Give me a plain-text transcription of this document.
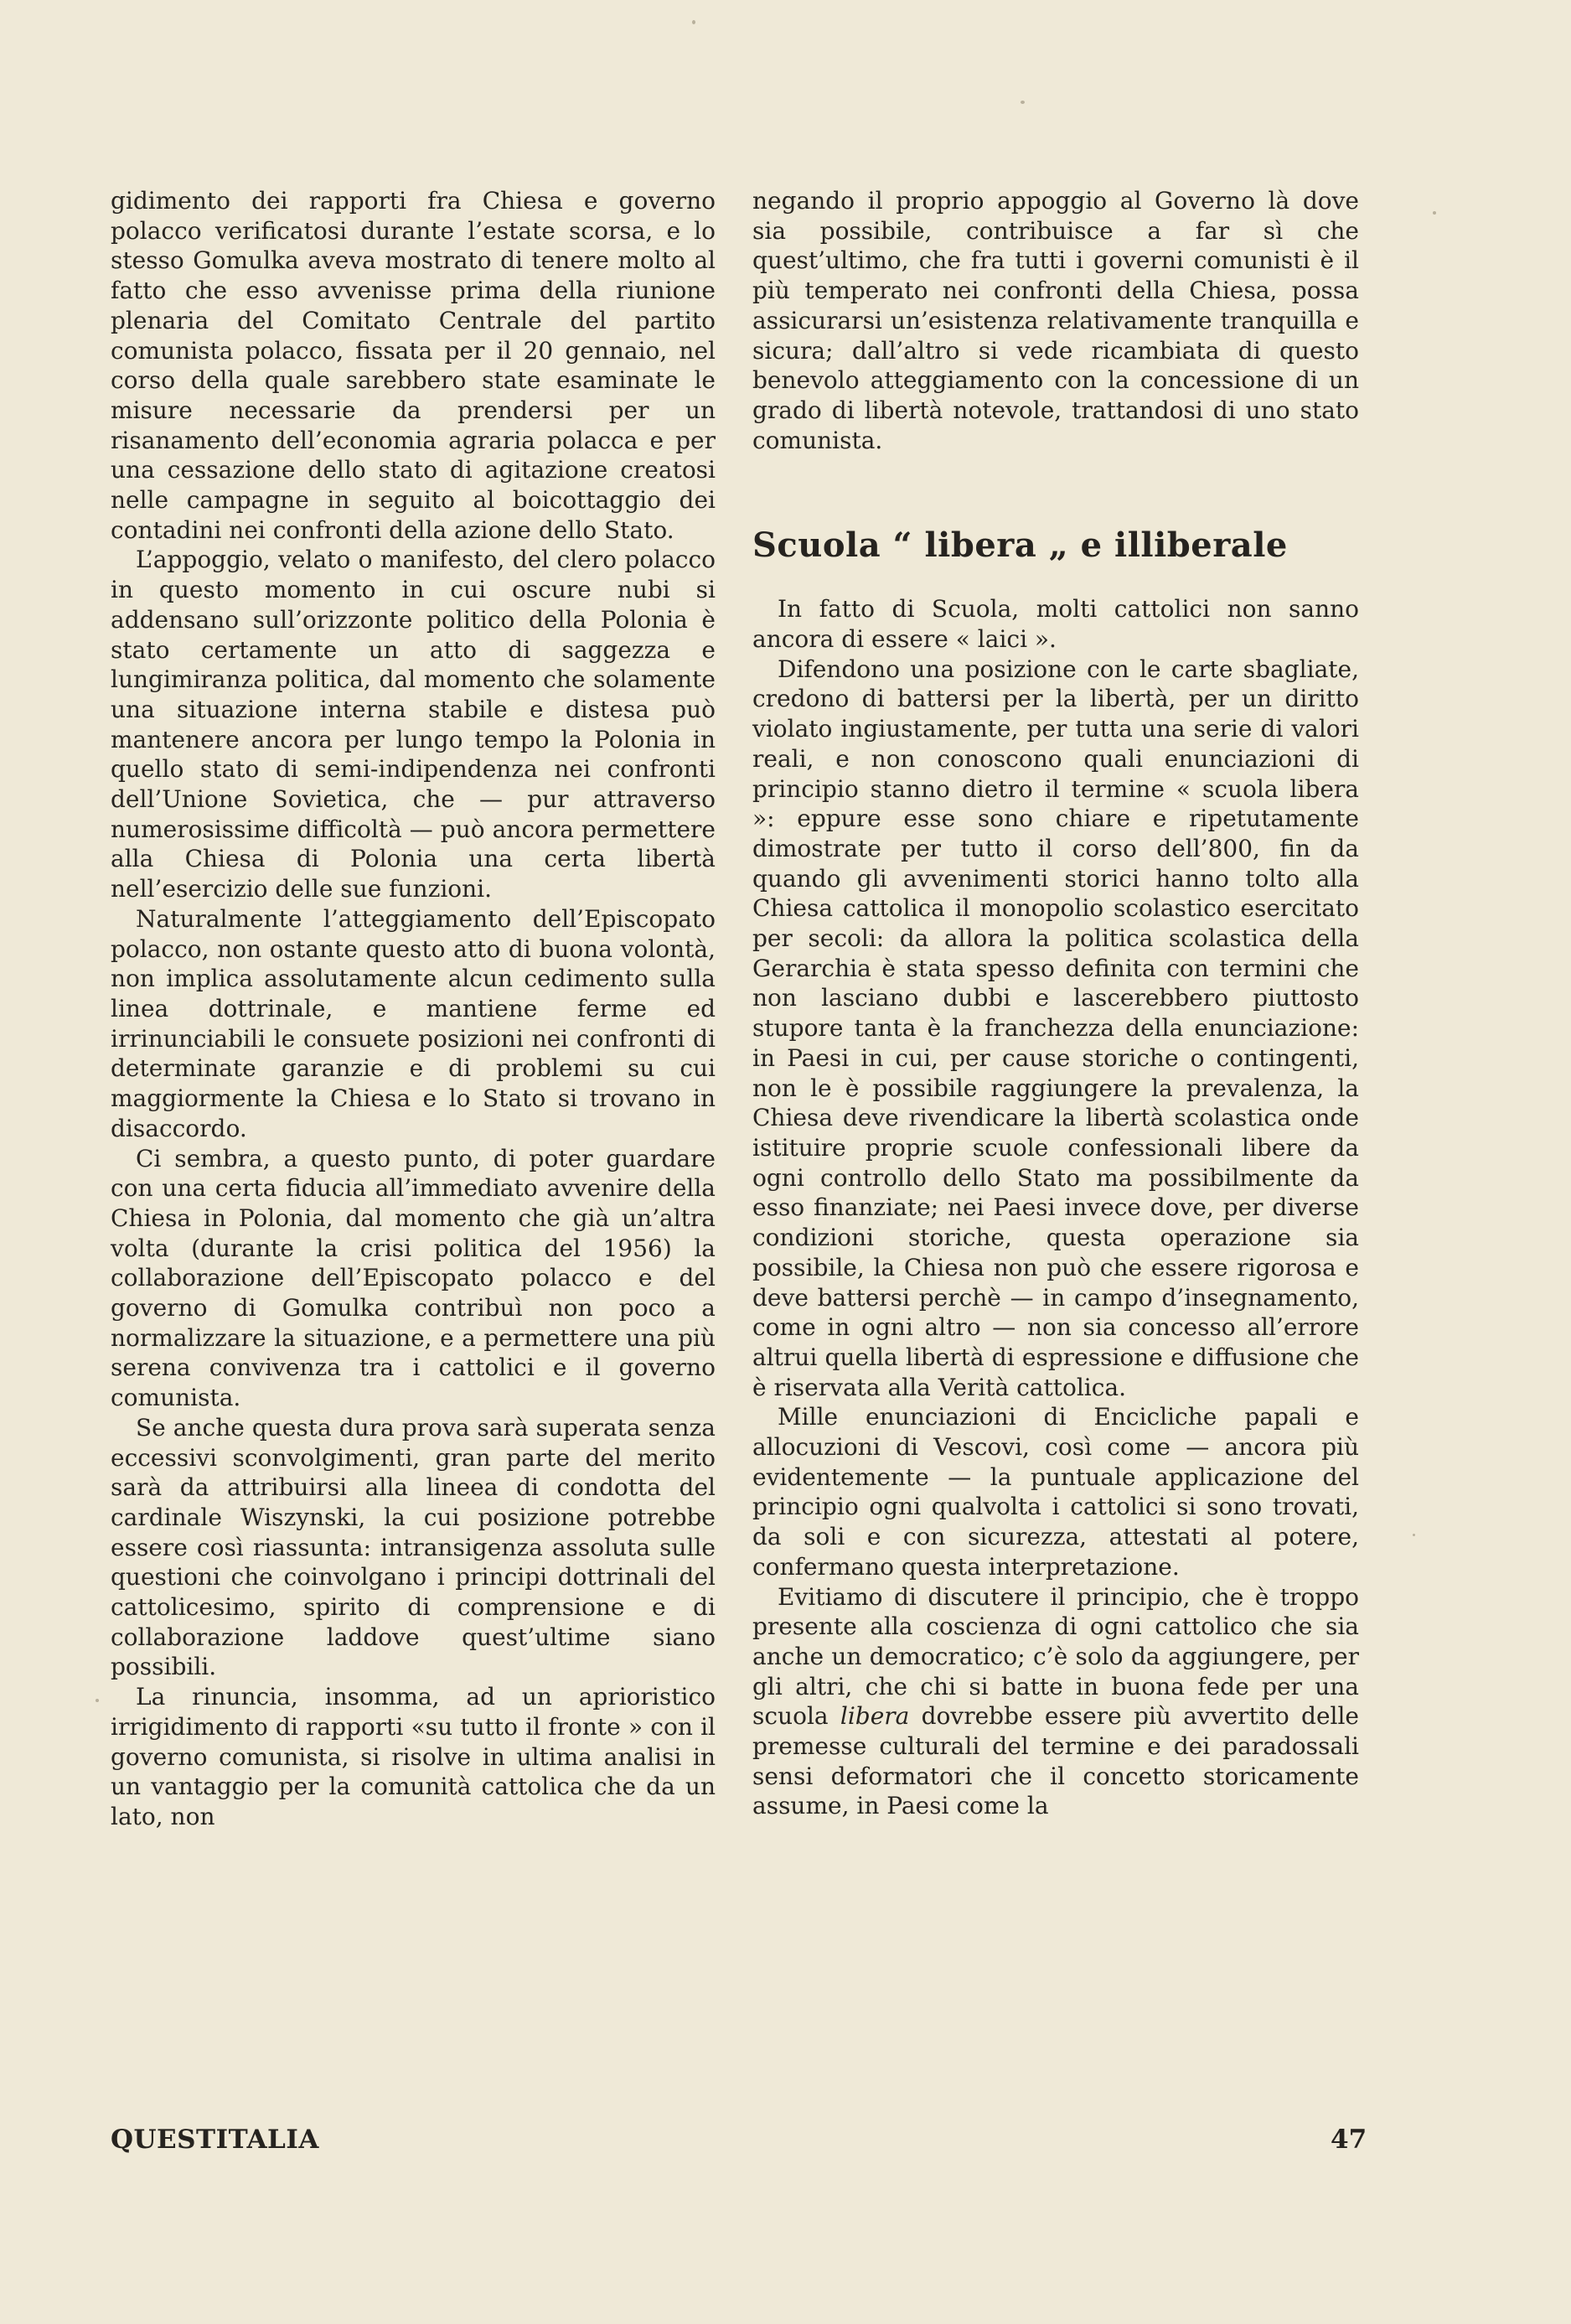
gidimento dei rapporti fra Chiesa e governo polacco verificatosi durante l’estate scorsa, e lo stesso Gomulka aveva mostrato di tenere molto al fatto che esso avvenisse prima della riunione plenaria del Comitato Centrale del partito comunista polacco, fissata per il 20 gennaio, nel corso della quale sarebbero state esaminate le misure necessarie da prendersi per un risanamento dell’economia agraria polacca e per una cessazione dello stato di agitazione creatosi nelle campagne in seguito al boicottaggio dei contadini nei confronti della azione dello Stato.

L’appoggio, velato o manifesto, del clero polacco in questo momento in cui oscure nubi si addensano sull’orizzonte politico della Polonia è stato certamente un atto di saggezza e lungimiranza politica, dal momento che solamente una situazione interna stabile e distesa può mantenere ancora per lungo tempo la Polonia in quello stato di semi-indipendenza nei confronti dell’Unione Sovietica, che — pur attraverso numerosissime difficoltà — può ancora permettere alla Chiesa di Polonia una certa libertà nell’esercizio delle sue funzioni.

Naturalmente l’atteggiamento dell’Episcopato polacco, non ostante questo atto di buona volontà, non implica assolutamente alcun cedimento sulla linea dottrinale, e mantiene ferme ed irrinunciabili le consuete posizioni nei confronti di determinate garanzie e di problemi su cui maggiormente la Chiesa e lo Stato si trovano in disaccordo.

Ci sembra, a questo punto, di poter guardare con una certa fiducia all’immediato avvenire della Chiesa in Polonia, dal momento che già un’altra volta (durante la crisi politica del 1956) la collaborazione dell’Episcopato polacco e del governo di Gomulka contribuì non poco a normalizzare la situazione, e a permettere una più serena convivenza tra i cattolici e il governo comunista.

Se anche questa dura prova sarà superata senza eccessivi sconvolgimenti, gran parte del merito sarà da attribuirsi alla lineea di condotta del cardinale Wiszynski, la cui posizione potrebbe essere così riassunta: intransigenza assoluta sulle questioni che coinvolgano i principi dottrinali del cattolicesimo, spirito di comprensione e di collaborazione laddove quest’ultime siano possibili.

La rinuncia, insomma, ad un aprioristico irrigidimento di rapporti «su tutto il fronte » con il governo comunista, si risolve in ultima analisi in un vantaggio per la comunità cattolica che da un lato, non

negando il proprio appoggio al Governo là dove sia possibile, contribuisce a far sì che quest’ultimo, che fra tutti i governi comunisti è il più temperato nei confronti della Chiesa, possa assicurarsi un’esistenza relativamente tranquilla e sicura; dall’altro si vede ricambiata di questo benevolo atteggiamento con la concessione di un grado di libertà notevole, trattandosi di uno stato comunista.

Scuola “ libera „ e illiberale

In fatto di Scuola, molti cattolici non sanno ancora di essere « laici ».

Difendono una posizione con le carte sbagliate, credono di battersi per la libertà, per un diritto violato ingiustamente, per tutta una serie di valori reali, e non conoscono quali enunciazioni di principio stanno dietro il termine « scuola libera »: eppure esse sono chiare e ripetutamente dimostrate per tutto il corso dell’800, fin da quando gli avvenimenti storici hanno tolto alla Chiesa cattolica il monopolio scolastico esercitato per secoli: da allora la politica scolastica della Gerarchia è stata spesso definita con termini che non lasciano dubbi e lascerebbero piuttosto stupore tanta è la franchezza della enunciazione: in Paesi in cui, per cause storiche o contingenti, non le è possibile raggiungere la prevalenza, la Chiesa deve rivendicare la libertà scolastica onde istituire proprie scuole confessionali libere da ogni controllo dello Stato ma possibilmente da esso finanziate; nei Paesi invece dove, per diverse condizioni storiche, questa operazione sia possibile, la Chiesa non può che essere rigorosa e deve battersi perchè — in campo d’insegnamento, come in ogni altro — non sia concesso all’errore altrui quella libertà di espressione e diffusione che è riservata alla Verità cattolica.

Mille enunciazioni di Encicliche papali e allocuzioni di Vescovi, così come — ancora più evidentemente — la puntuale applicazione del principio ogni qualvolta i cattolici si sono trovati, da soli e con sicurezza, attestati al potere, confermano questa interpretazione.

Evitiamo di discutere il principio, che è troppo presente alla coscienza di ogni cattolico che sia anche un democratico; c’è solo da aggiungere, per gli altri, che chi si batte in buona fede per una scuola libera dovrebbe essere più avvertito delle premesse culturali del termine e dei paradossali sensi deformatori che il concetto storicamente assume, in Paesi come la

QUESTITALIA	47
